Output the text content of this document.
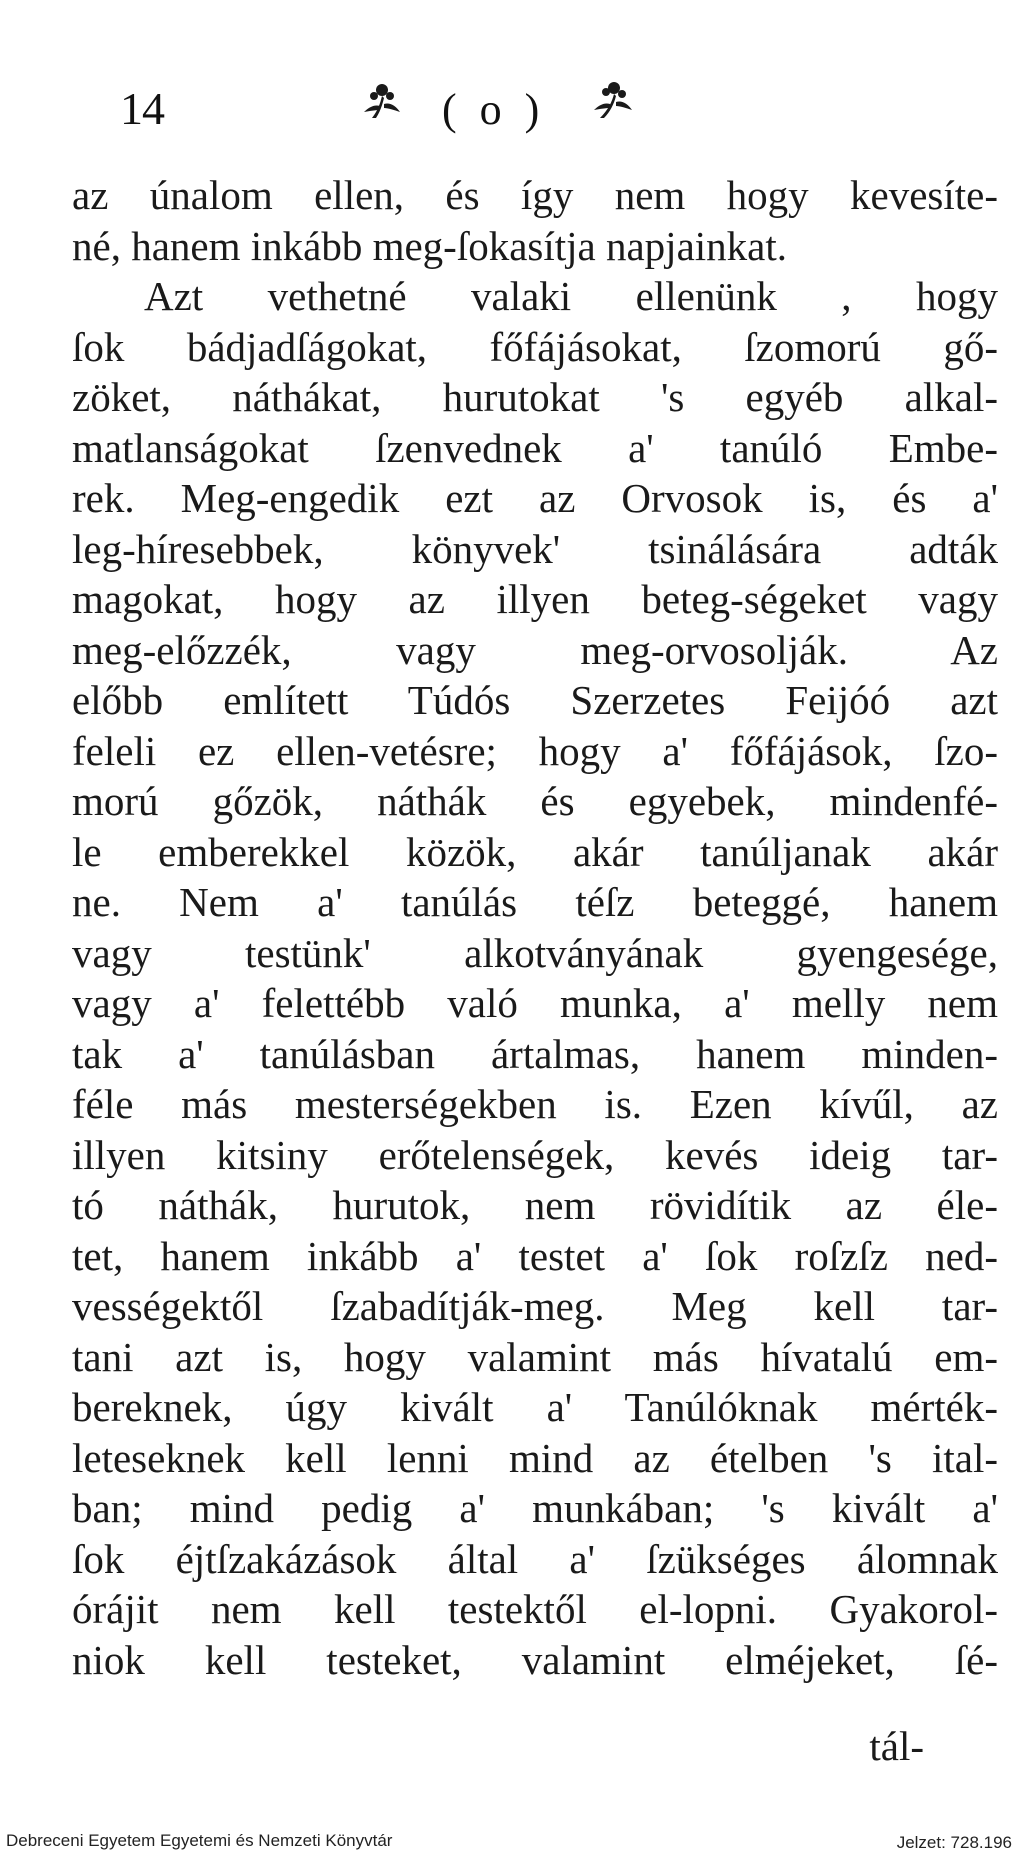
14	( o )
az únalom ellen, és így nem hogy kevesíte-
né, hanem inkább meg-ſokasítja napjainkat.
Azt vethetné valaki ellenünk , hogy
ſok bádjadſágokat, főfájásokat, ſzomorú gő-
zöket, náthákat, hurutokat 's egyéb alkal-
matlanságokat ſzenvednek a' tanúló Embe-
rek. Meg-engedik ezt az Orvosok is, és a'
leg-híresebbek, könyvek' tsinálására adták
magokat, hogy az illyen beteg-ségeket vagy
meg-előzzék, vagy meg-orvosolják. Az
előbb említett Túdós Szerzetes Feijóó azt
feleli ez ellen-vetésre; hogy a' főfájások, ſzo-
morú gőzök, náthák és egyebek, mindenfé-
le emberekkel közök, akár tanúljanak akár
ne. Nem a' tanúlás téſz beteggé, hanem
vagy testünk' alkotványának gyengesége,
vagy a' felettébb való munka, a' melly nem
tak a' tanúlásban ártalmas, hanem minden-
féle más mesterségekben is. Ezen kívűl, az
illyen kitsiny erőtelenségek, kevés ideig tar-
tó náthák, hurutok, nem rövidítik az éle-
tet, hanem inkább a' testet a' ſok roſzſz ned-
vességektől ſzabadítják-meg. Meg kell tar-
tani azt is, hogy valamint más hívatalú em-
bereknek, úgy kivált a' Tanúlóknak mérték-
leteseknek kell lenni mind az ételben 's ital-
ban; mind pedig a' munkában; 's kivált a'
ſok éjtſzakázások által a' ſzükséges álomnak
órájit nem kell testektől el-lopni. Gyakorol-
niok kell testeket, valamint elméjeket, ſé-
tál-
Debreceni Egyetem Egyetemi és Nemzeti Könyvtár	Jelzet: 728.196
